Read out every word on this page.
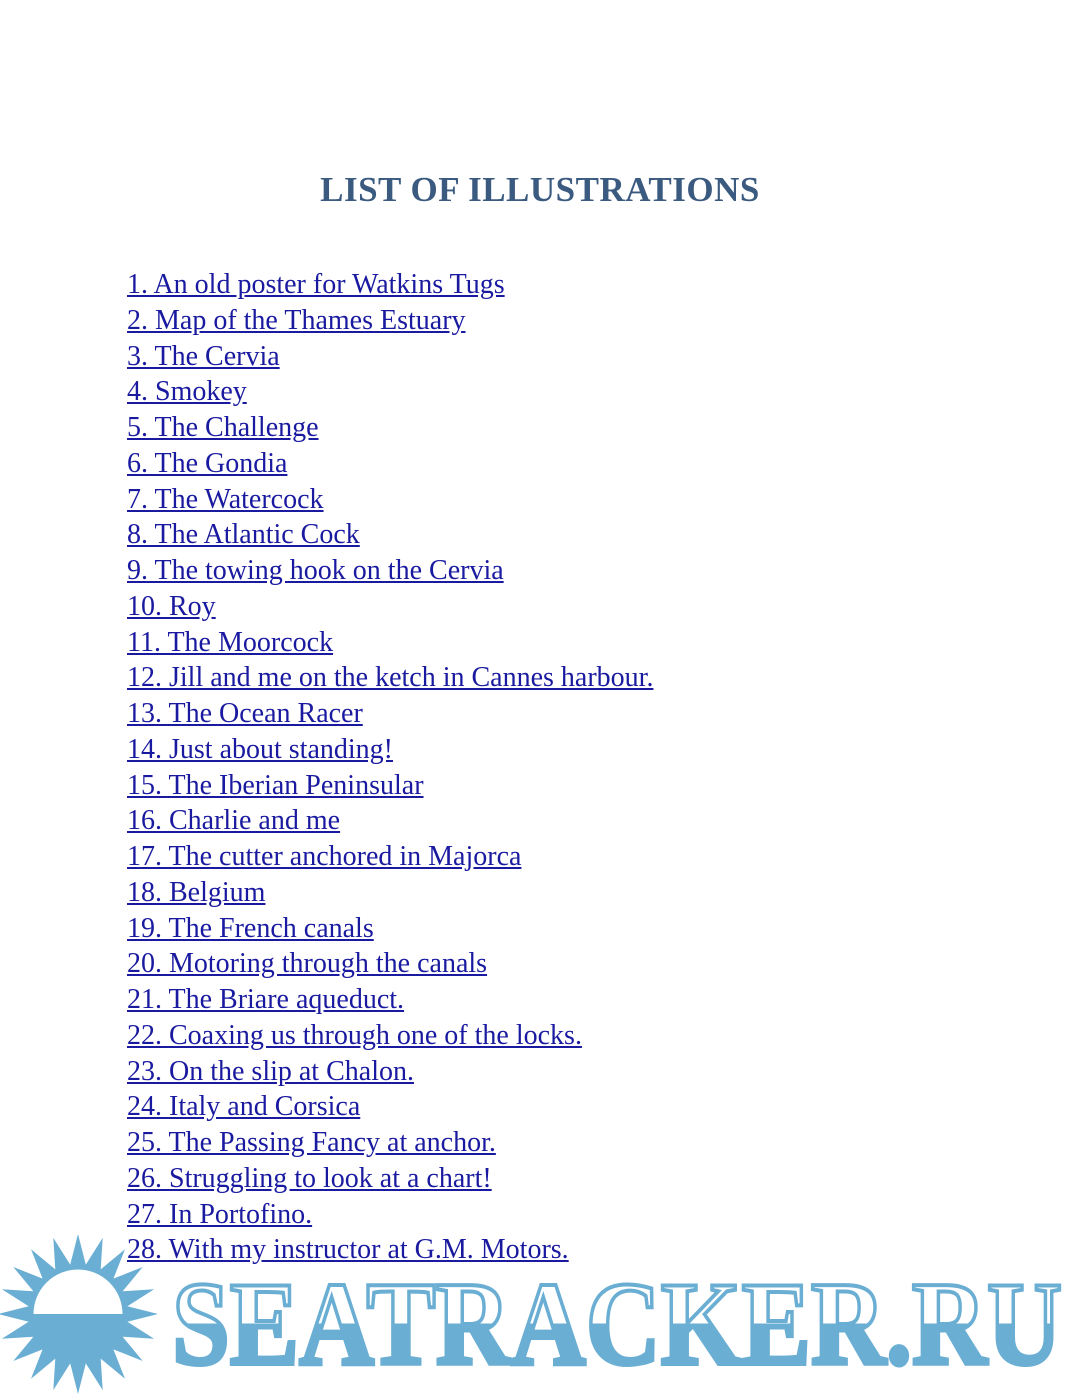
LIST OF ILLUSTRATIONS
1. An old poster for Watkins Tugs
2. Map of the Thames Estuary
3. The Cervia
4. Smokey
5. The Challenge
6. The Gondia
7. The Watercock
8. The Atlantic Cock
9. The towing hook on the Cervia
10. Roy
11. The Moorcock
12. Jill and me on the ketch in Cannes harbour.
13. The Ocean Racer
14. Just about standing!
15. The Iberian Peninsular
16. Charlie and me
17. The cutter anchored in Majorca
18. Belgium
19. The French canals
20. Motoring through the canals
21. The Briare aqueduct.
22. Coaxing us through one of the locks.
23. On the slip at Chalon.
24. Italy and Corsica
25. The Passing Fancy at anchor.
26. Struggling to look at a chart!
27. In Portofino.
28. With my instructor at G.M. Motors.
SEATRACKER.RU
